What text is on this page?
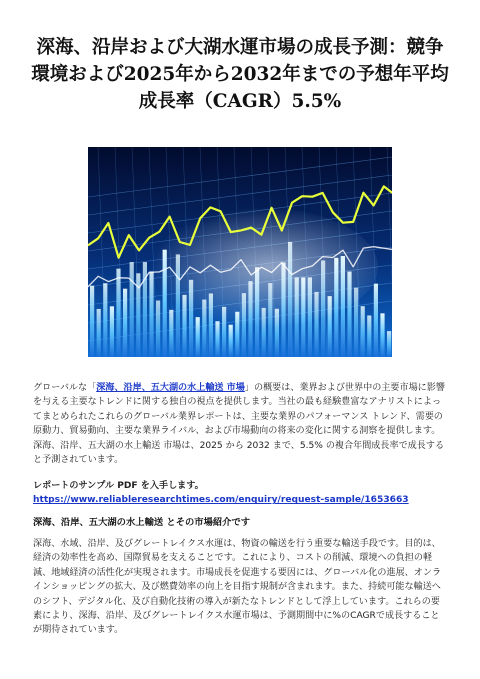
深海、沿岸および大湖水運市場の成長予測：競争環境および2025年から2032年までの予想年平均成長率（CAGR）5.5%

グローバルな「深海、沿岸、五大湖の水上輸送 市場」の概要は、業界および世界中の主要市場に影響を与える主要なトレンドに関する独自の視点を提供します。当社の最も経験豊富なアナリストによってまとめられたこれらのグローバル業界レポートは、主要な業界のパフォーマンス トレンド、需要の原動力、貿易動向、主要な業界ライバル、および市場動向の将来の変化に関する洞察を提供します。深海、沿岸、五大湖の水上輸送 市場は、2025 から 2032 まで、5.5% の複合年間成長率で成長すると予測されています。

レポートのサンプル PDF を入手します。 https://www.reliableresearchtimes.com/enquiry/request-sample/1653663

深海、沿岸、五大湖の水上輸送 とその市場紹介です

深海、水域、沿岸、及びグレートレイクス水運は、物資の輸送を行う重要な輸送手段です。目的は、経済の効率性を高め、国際貿易を支えることです。これにより、コストの削減、環境への負担の軽減、地域経済の活性化が実現されます。市場成長を促進する要因には、グローバル化の進展、オンラインショッピングの拡大、及び燃費効率の向上を目指す規制が含まれます。また、持続可能な輸送へのシフト、デジタル化、及び自動化技術の導入が新たなトレンドとして浮上しています。これらの要素により、深海、沿岸、及びグレートレイクス水運市場は、予測期間中に%のCAGRで成長することが期待されています。
